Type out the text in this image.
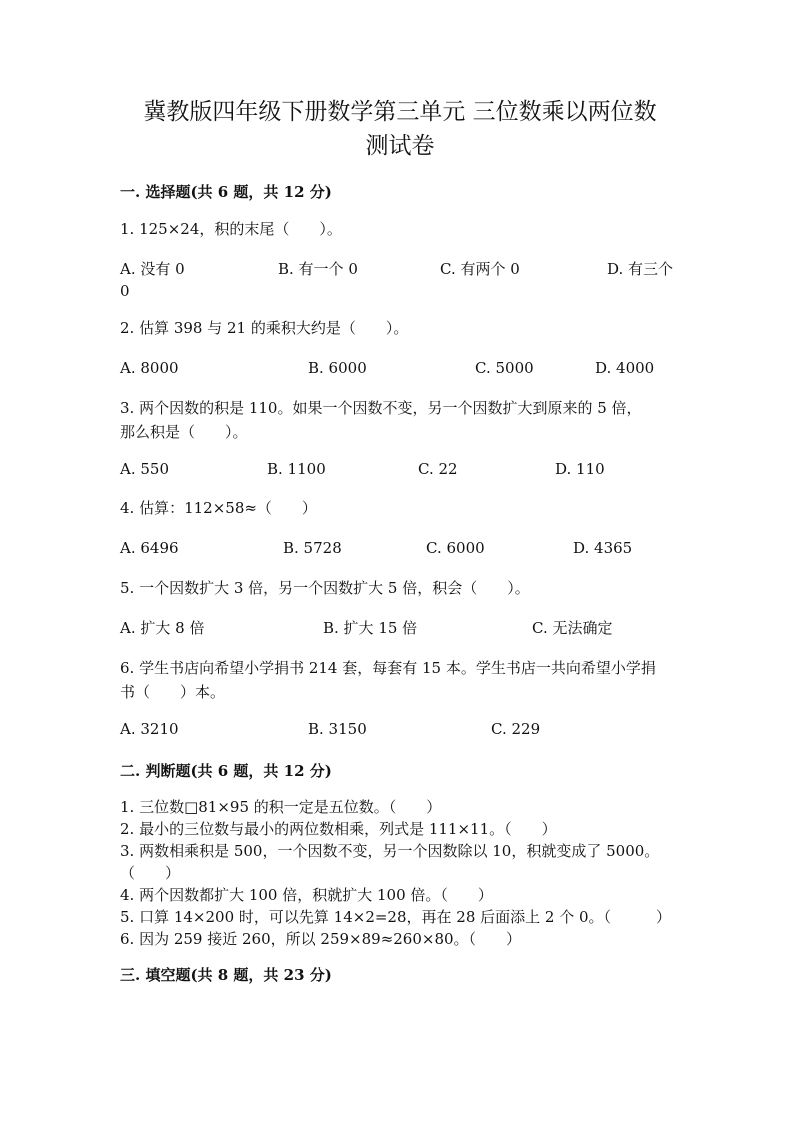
冀教版四年级下册数学第三单元 三位数乘以两位数
测试卷
一. 选择题(共 6 题，共 12 分)

1. 125×24，积的末尾（　　）。

A. 没有 0	B. 有一个 0	C. 有两个 0	D. 有三个
0

2. 估算 398 与 21 的乘积大约是（　　）。

A. 8000	B. 6000	C. 5000	D. 4000

3. 两个因数的积是 110。如果一个因数不变，另一个因数扩大到原来的 5 倍，
那么积是（　　）。

A. 550	B. 1100	C. 22	D. 110

4. 估算：112×58≈（　　）

A. 6496	B. 5728	C. 6000	D. 4365

5. 一个因数扩大 3 倍，另一个因数扩大 5 倍，积会（　　）。

A. 扩大 8 倍	B. 扩大 15 倍	C. 无法确定

6. 学生书店向希望小学捐书 214 套，每套有 15 本。学生书店一共向希望小学捐
书（　　）本。

A. 3210	B. 3150	C. 229
二. 判断题(共 6 题，共 12 分)

1. 三位数□81×95 的积一定是五位数。（　　）

2. 最小的三位数与最小的两位数相乘，列式是 111×11。（　　）

3. 两数相乘积是 500，一个因数不变，另一个因数除以 10，积就变成了 5000。

（　　）

4. 两个因数都扩大 100 倍，积就扩大 100 倍。（　　）

5. 口算 14×200 时，可以先算 14×2=28，再在 28 后面添上 2 个 0。（　　　）

6. 因为 259 接近 260，所以 259×89≈260×80。（　　）

三. 填空题(共 8 题，共 23 分)
